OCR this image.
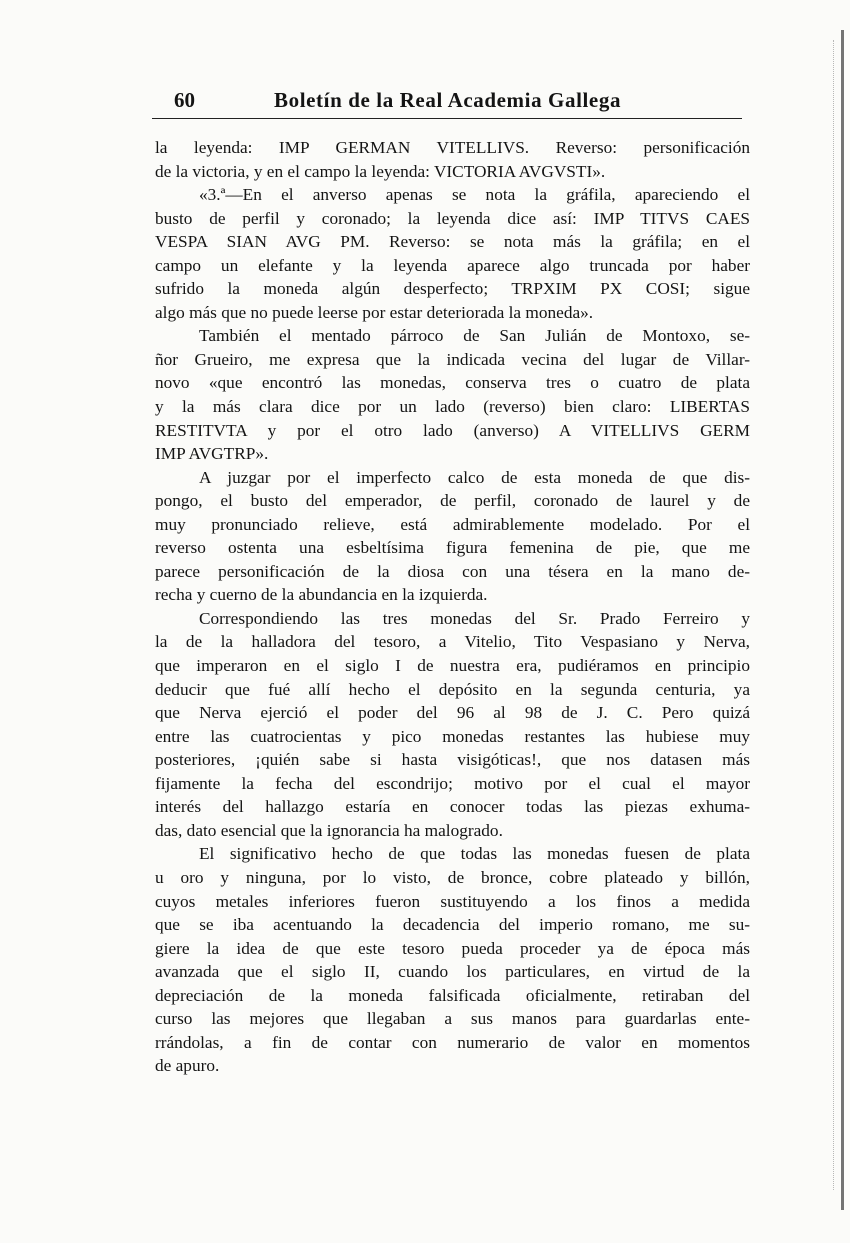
60	Boletín de la Real Academia Gallega
la leyenda: IMP GERMAN VITELLIVS. Reverso: personificación
de la victoria, y en el campo la leyenda: VICTORIA AVGVSTI».
«3.ª—En el anverso apenas se nota la gráfila, apareciendo el
busto de perfil y coronado; la leyenda dice así: IMP TITVS CAES
VESPA SIAN AVG PM. Reverso: se nota más la gráfila; en el
campo un elefante y la leyenda aparece algo truncada por haber
sufrido la moneda algún desperfecto; TRPXIM PX COSI; sigue
algo más que no puede leerse por estar deteriorada la moneda».
También el mentado párroco de San Julián de Montoxo, se-
ñor Grueiro, me expresa que la indicada vecina del lugar de Villar-
novo «que encontró las monedas, conserva tres o cuatro de plata
y la más clara dice por un lado (reverso) bien claro: LIBERTAS
RESTITVTA y por el otro lado (anverso) A VITELLIVS GERM
IMP AVGTRP».
A juzgar por el imperfecto calco de esta moneda de que dis-
pongo, el busto del emperador, de perfil, coronado de laurel y de
muy pronunciado relieve, está admirablemente modelado. Por el
reverso ostenta una esbeltísima figura femenina de pie, que me
parece personificación de la diosa con una tésera en la mano de-
recha y cuerno de la abundancia en la izquierda.
Correspondiendo las tres monedas del Sr. Prado Ferreiro y
la de la halladora del tesoro, a Vitelio, Tito Vespasiano y Nerva,
que imperaron en el siglo I de nuestra era, pudiéramos en principio
deducir que fué allí hecho el depósito en la segunda centuria, ya
que Nerva ejerció el poder del 96 al 98 de J. C. Pero quizá
entre las cuatrocientas y pico monedas restantes las hubiese muy
posteriores, ¡quién sabe si hasta visigóticas!, que nos datasen más
fijamente la fecha del escondrijo; motivo por el cual el mayor
interés del hallazgo estaría en conocer todas las piezas exhuma-
das, dato esencial que la ignorancia ha malogrado.
El significativo hecho de que todas las monedas fuesen de plata
u oro y ninguna, por lo visto, de bronce, cobre plateado y billón,
cuyos metales inferiores fueron sustituyendo a los finos a medida
que se iba acentuando la decadencia del imperio romano, me su-
giere la idea de que este tesoro pueda proceder ya de época más
avanzada que el siglo II, cuando los particulares, en virtud de la
depreciación de la moneda falsificada oficialmente, retiraban del
curso las mejores que llegaban a sus manos para guardarlas ente-
rrándolas, a fin de contar con numerario de valor en momentos
de apuro.
